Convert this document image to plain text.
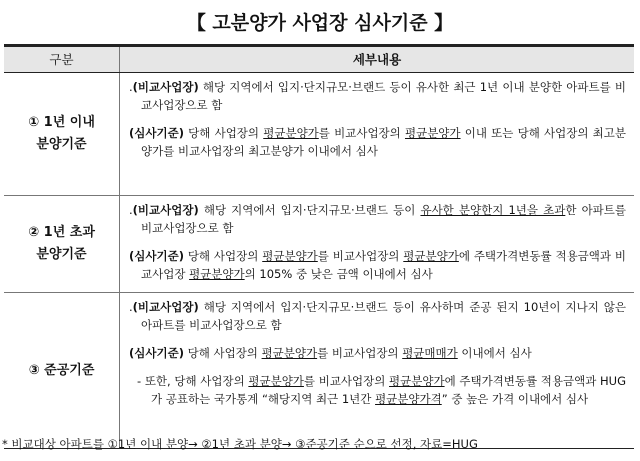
【 고분양가 사업장 심사기준 】
구분	세부내용
① 1년 이내
분양기준
.(비교사업장) 해당 지역에서 입지·단지규모·브랜드 등이 유사한 최근 1년 이내 분양한 아파트를 비교사업장으로 함
(심사기준) 당해 사업장의 평균분양가를 비교사업장의 평균분양가 이내 또는 당해 사업장의 최고분양가를 비교사업장의 최고분양가 이내에서 심사
② 1년 초과
분양기준
.(비교사업장) 해당 지역에서 입지·단지규모·브랜드 등이 유사한 분양한지 1년을 초과한 아파트를 비교사업장으로 함
(심사기준) 당해 사업장의 평균분양가를 비교사업장의 평균분양가에 주택가격변동률 적용금액과 비교사업장 평균분양가의 105% 중 낮은 금액 이내에서 심사
③ 준공기준
.(비교사업장) 해당 지역에서 입지·단지규모·브랜드 등이 유사하며 준공 된지 10년이 지나지 않은 아파트를 비교사업장으로 함
(심사기준) 당해 사업장의 평균분양가를 비교사업장의 평균매매가 이내에서 심사
- 또한, 당해 사업장의 평균분양가를 비교사업장의 평균분양가에 주택가격변동률 적용금액과 HUG가 공표하는 국가통계 “해당지역 최근 1년간 평균분양가격” 중 높은 가격 이내에서 심사
* 비교대상 아파트를 ①1년 이내 분양→ ②1년 초과 분양→ ③준공기준 순으로 선정, 자료=HUG
